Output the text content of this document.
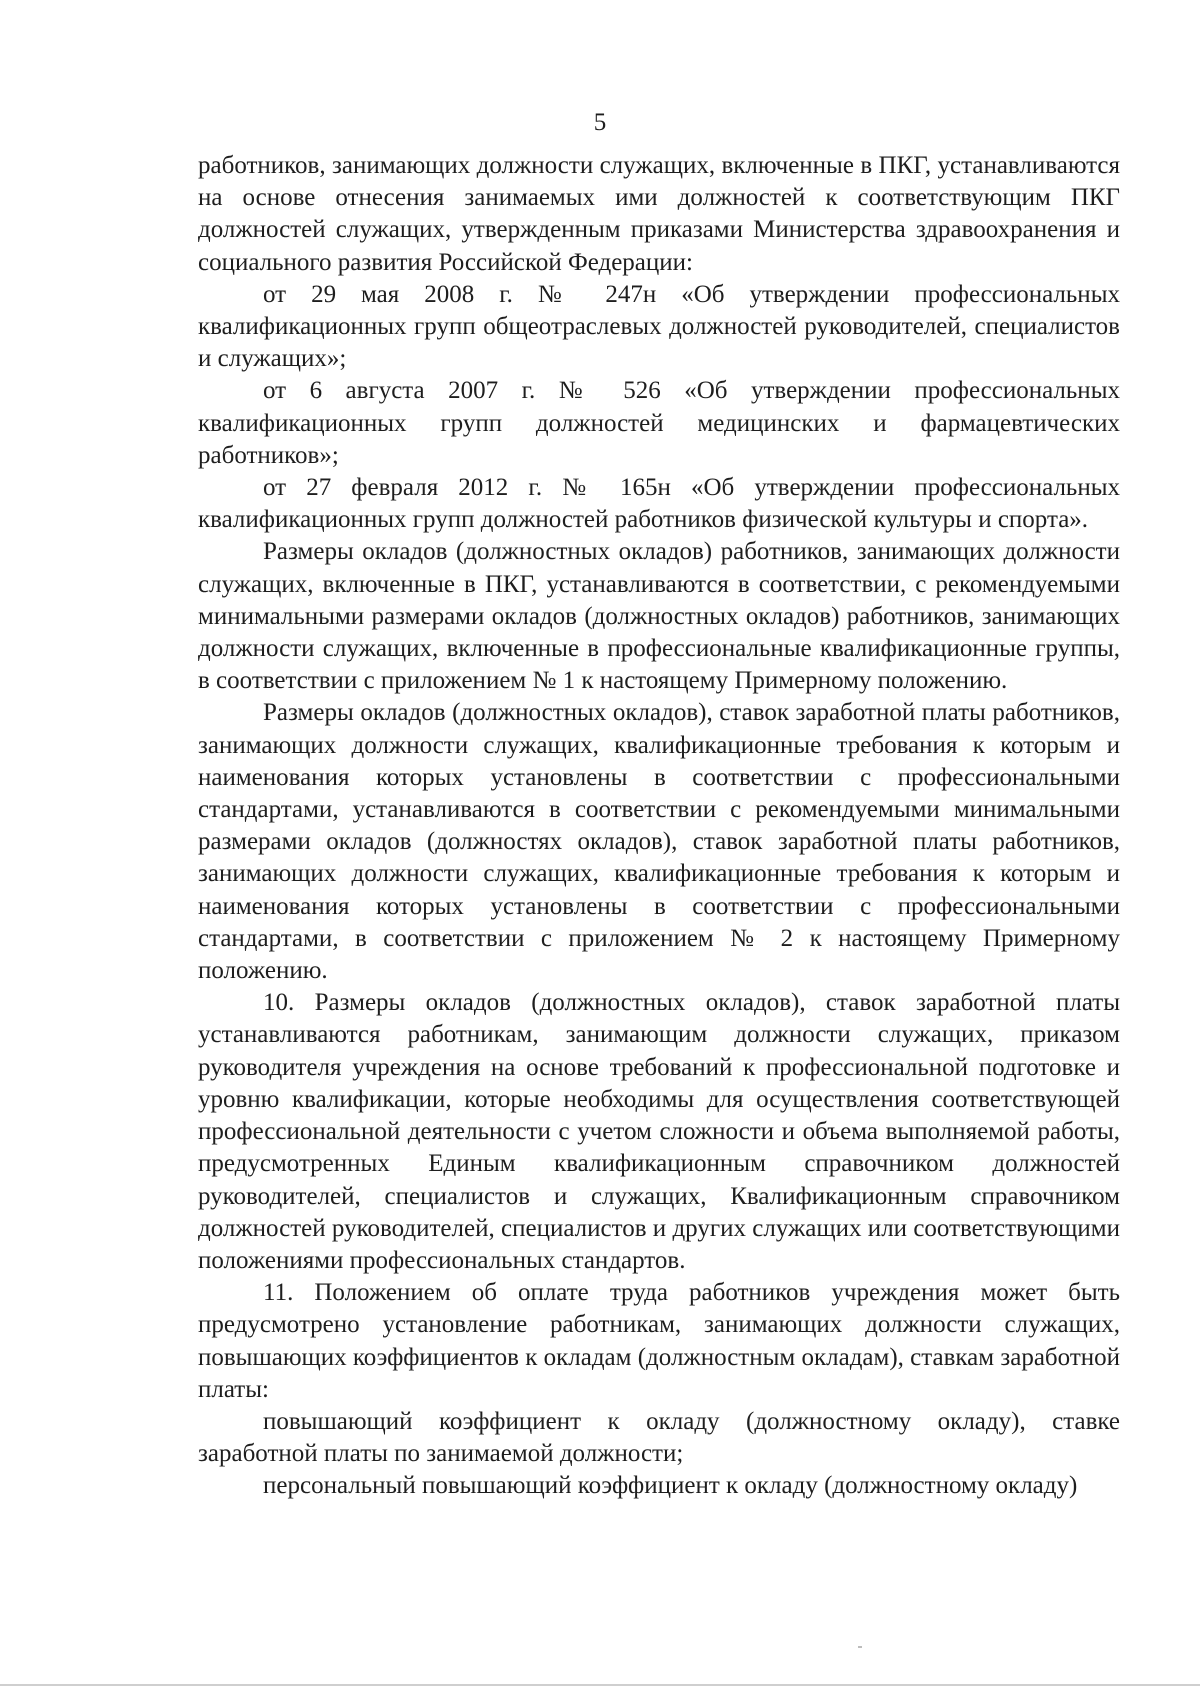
5

работников, занимающих должности служащих, включенные в ПКГ, устанавливаются на основе отнесения занимаемых ими должностей к соответствующим ПКГ должностей служащих, утвержденным приказами Министерства здравоохранения и социального развития Российской Федерации:

от 29 мая 2008 г. № 247н «Об утверждении профессиональных квалификационных групп общеотраслевых должностей руководителей, специалистов и служащих»;

от 6 августа 2007 г. № 526 «Об утверждении профессиональных квалификационных групп должностей медицинских и фармацевтических работников»;

от 27 февраля 2012 г. № 165н «Об утверждении профессиональных квалификационных групп должностей работников физической культуры и спорта».

Размеры окладов (должностных окладов) работников, занимающих должности служащих, включенные в ПКГ, устанавливаются в соответствии, с рекомендуемыми минимальными размерами окладов (должностных окладов) работников, занимающих должности служащих, включенные в профессиональные квалификационные группы, в соответствии с приложением № 1 к настоящему Примерному положению.

Размеры окладов (должностных окладов), ставок заработной платы работников, занимающих должности служащих, квалификационные требования к которым и наименования которых установлены в соответствии с профессиональными стандартами, устанавливаются в соответствии с рекомендуемыми минимальными размерами окладов (должностях окладов), ставок заработной платы работников, занимающих должности служащих, квалификационные требования к которым и наименования которых установлены в соответствии с профессиональными стандартами, в соответствии с приложением № 2 к настоящему Примерному положению.

10. Размеры окладов (должностных окладов), ставок заработной платы устанавливаются работникам, занимающим должности служащих, приказом руководителя учреждения на основе требований к профессиональной подготовке и уровню квалификации, которые необходимы для осуществления соответствующей профессиональной деятельности с учетом сложности и объема выполняемой работы, предусмотренных Единым квалификационным справочником должностей руководителей, специалистов и служащих, Квалификационным справочником должностей руководителей, специалистов и других служащих или соответствующими положениями профессиональных стандартов.

11. Положением об оплате труда работников учреждения может быть предусмотрено установление работникам, занимающих должности служащих, повышающих коэффициентов к окладам (должностным окладам), ставкам заработной платы:

повышающий коэффициент к окладу (должностному окладу), ставке заработной платы по занимаемой должности;

персональный повышающий коэффициент к окладу (должностному окладу)
